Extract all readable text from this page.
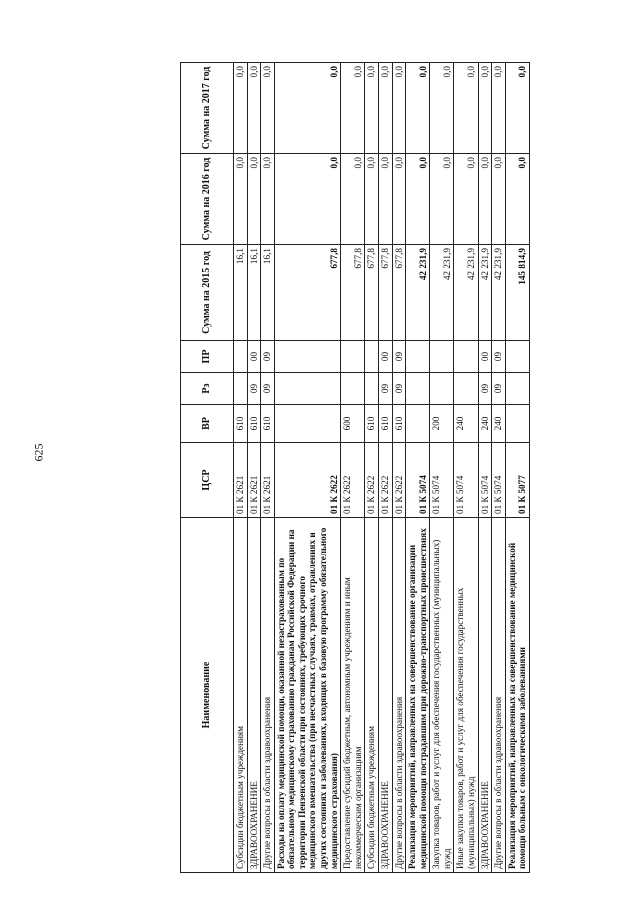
625
Наименование	ЦСР	ВР	Рз	ПР	Сумма на 2015 год	Сумма на 2016 год	Сумма на 2017 год
Субсидии бюджетным учреждениям	01 К 2621	610			16,1	0,0	0,0
ЗДРАВООХРАНЕНИЕ	01 К 2621	610	09	00	16,1	0,0	0,0
Другие вопросы в области здравоохранения	01 К 2621	610	09	09	16,1	0,0	0,0
Расходы на оплату медицинской помощи, оказанной незастрахованным по обязательному медицинскому страхованию гражданам Российской Федерации на территории Пензенской области при состояниях, требующих срочного медицинского вмешательства (при несчастных случаях, травмах, отравлениях и других состояниях и заболеваниях, входящих в базовую программу обязательного медицинского страхования)	01 К 2622				677,8	0,0	0,0
Предоставление субсидий бюджетным, автономным учреждениям и иным некоммерческим организациям	01 К 2622	600			677,8	0,0	0,0
Субсидии бюджетным учреждениям	01 К 2622	610			677,8	0,0	0,0
ЗДРАВООХРАНЕНИЕ	01 К 2622	610	09	00	677,8	0,0	0,0
Другие вопросы в области здравоохранения	01 К 2622	610	09	09	677,8	0,0	0,0
Реализация мероприятий, направленных на совершенствование организации медицинской помощи пострадавшим при дорожно-транспортных происшествиях	01 К 5074				42 231,9	0,0	0,0
Закупка товаров, работ и услуг для обеспечения государственных (муниципальных) нужд	01 К 5074	200			42 231,9	0,0	0,0
Иные закупки товаров, работ и услуг для обеспечения государственных (муниципальных) нужд	01 К 5074	240			42 231,9	0,0	0,0
ЗДРАВООХРАНЕНИЕ	01 К 5074	240	09	00	42 231,9	0,0	0,0
Другие вопросы в области здравоохранения	01 К 5074	240	09	09	42 231,9	0,0	0,0
Реализация мероприятий, направленных на совершенствование медицинской помощи больным с онкологическими заболеваниями	01 К 5077				145 814,9	0,0	0,0
